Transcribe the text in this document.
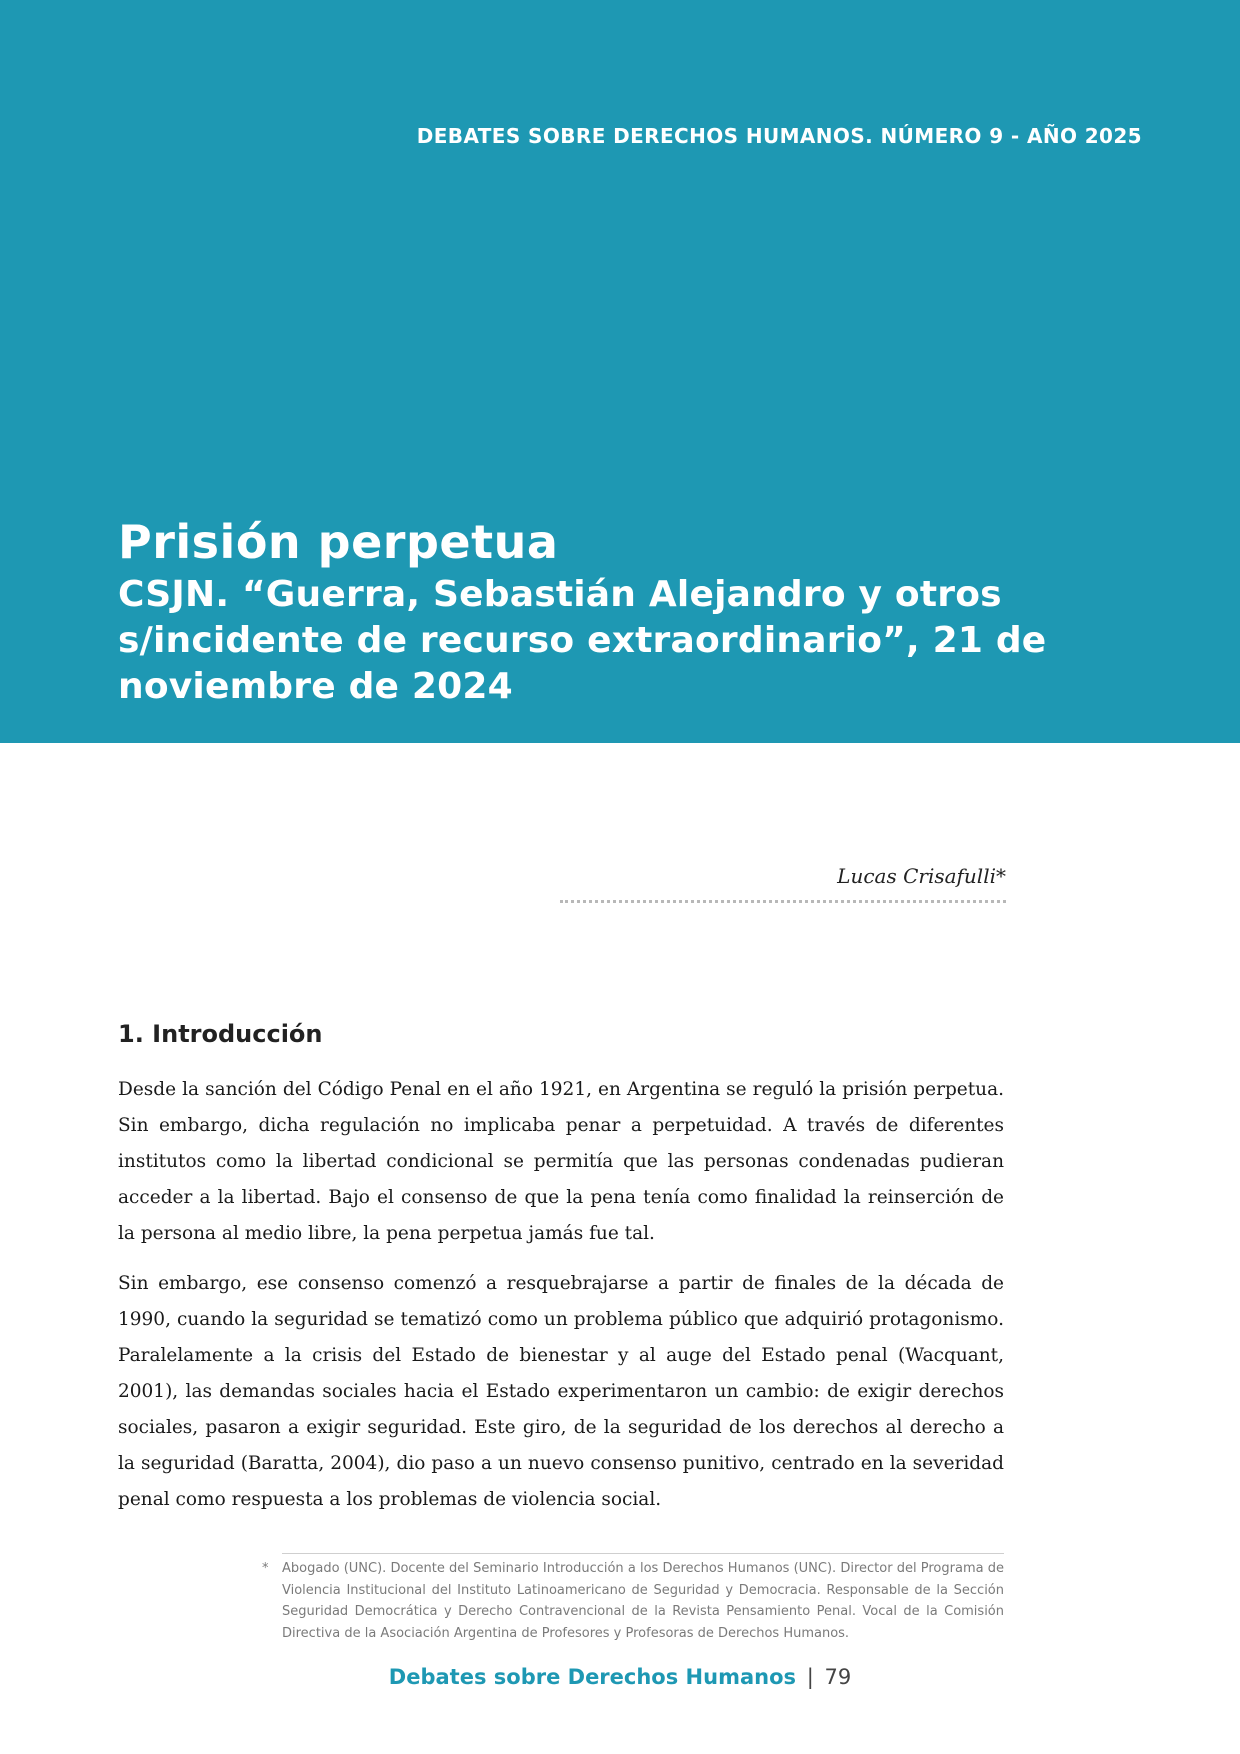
DEBATES SOBRE DERECHOS HUMANOS. NÚMERO 9 - AÑO 2025
Prisión perpetua
CSJN. “Guerra, Sebastián Alejandro y otros s/incidente de recurso extraordinario”, 21 de noviembre de 2024
Lucas Crisafulli*
1. Introducción

Desde la sanción del Código Penal en el año 1921, en Argentina se reguló la prisión perpetua. Sin embargo, dicha regulación no implicaba penar a perpetuidad. A través de diferentes institutos como la libertad condicional se permitía que las personas condenadas pudieran acceder a la libertad. Bajo el consenso de que la pena tenía como finalidad la reinserción de la persona al medio libre, la pena perpetua jamás fue tal.

Sin embargo, ese consenso comenzó a resquebrajarse a partir de finales de la década de 1990, cuando la seguridad se tematizó como un problema público que adquirió protagonismo. Paralelamente a la crisis del Estado de bienestar y al auge del Estado penal (Wacquant, 2001), las demandas sociales hacia el Estado experimentaron un cambio: de exigir derechos sociales, pasaron a exigir seguridad. Este giro, de la seguridad de los derechos al derecho a la seguridad (Baratta, 2004), dio paso a un nuevo consenso punitivo, centrado en la severidad penal como respuesta a los problemas de violencia social.

* Abogado (UNC). Docente del Seminario Introducción a los Derechos Humanos (UNC). Director del Programa de Violencia Institucional del Instituto Latinoamericano de Seguridad y Democracia. Responsable de la Sección Seguridad Democrática y Derecho Contravencional de la Revista Pensamiento Penal. Vocal de la Comisión Directiva de la Asociación Argentina de Profesores y Profesoras de Derechos Humanos.
Debates sobre Derechos Humanos | 79
